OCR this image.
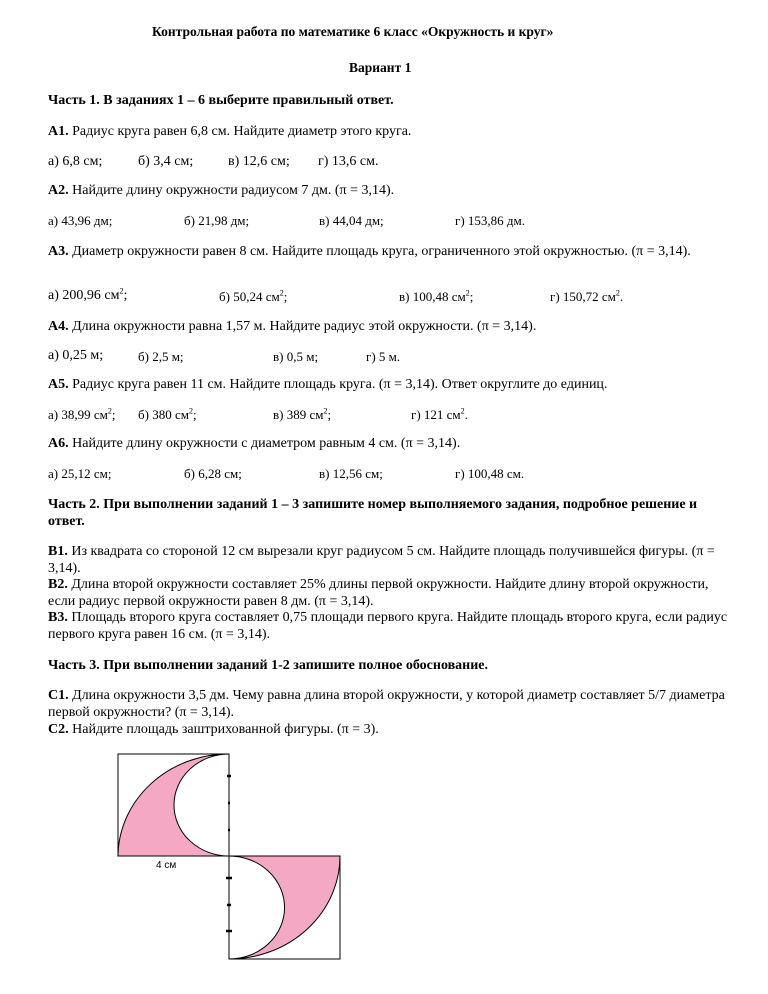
Контрольная работа по математике 6 класс «Окружность и круг»
Вариант 1
Часть 1. В заданиях 1 – 6 выберите правильный ответ.
А1. Радиус круга равен 6,8 см. Найдите диаметр этого круга.
а) 6,8 см;	б) 3,4 см; в) 12,6 см; г) 13,6 см.
А2. Найдите длину окружности радиусом 7 дм. (π = 3,14).
а) 43,96 дм;	б) 21,98 дм;	в) 44,04 дм;	г) 153,86 дм.
А3. Диаметр окружности равен 8 см. Найдите площадь круга, ограниченного этой окружностью. (π = 3,14).
а) 200,96 $см^2$;	б) 50,24 $см^2$;	в) 100,48 $см^2$;	г) 150,72 $см^2$.
А4. Длина окружности равна 1,57 м. Найдите радиус этой окружности. (π = 3,14).
а) 0,25 м;	б) 2,5 м;	в) 0,5 м;	г) 5 м.
А5. Радиус круга равен 11 см. Найдите площадь круга. (π = 3,14). Ответ округлите до единиц.
а) 38,99 $см^2$; б) 380 $см^2$;	в) 389 $см^2$;	г) 121 $см^2$.
А6. Найдите длину окружности с диаметром равным 4 см. (π = 3,14).
а) 25,12 см;	б) 6,28 см;	в) 12,56 см;	г) 100,48 см.
Часть 2. При выполнении заданий 1 – 3 запишите номер выполняемого задания, подробное решение и ответ.
В1. Из квадрата со стороной 12 см вырезали круг радиусом 5 см. Найдите площадь получившейся фигуры. (π = 3,14).
В2. Длина второй окружности составляет 25% длины первой окружности. Найдите длину второй окружности, если радиус первой окружности равен 8 дм. (π = 3,14).
В3. Площадь второго круга составляет 0,75 площади первого круга. Найдите площадь второго круга, если радиус первого круга равен 16 см. (π = 3,14).
Часть 3. При выполнении заданий 1-2 запишите полное обоснование.
С1. Длина окружности 3,5 дм. Чему равна длина второй окружности, у которой диаметр составляет 5/7 диаметра первой окружности? (π = 3,14).
С2. Найдите площадь заштрихованной фигуры. (π = 3).
4 см
